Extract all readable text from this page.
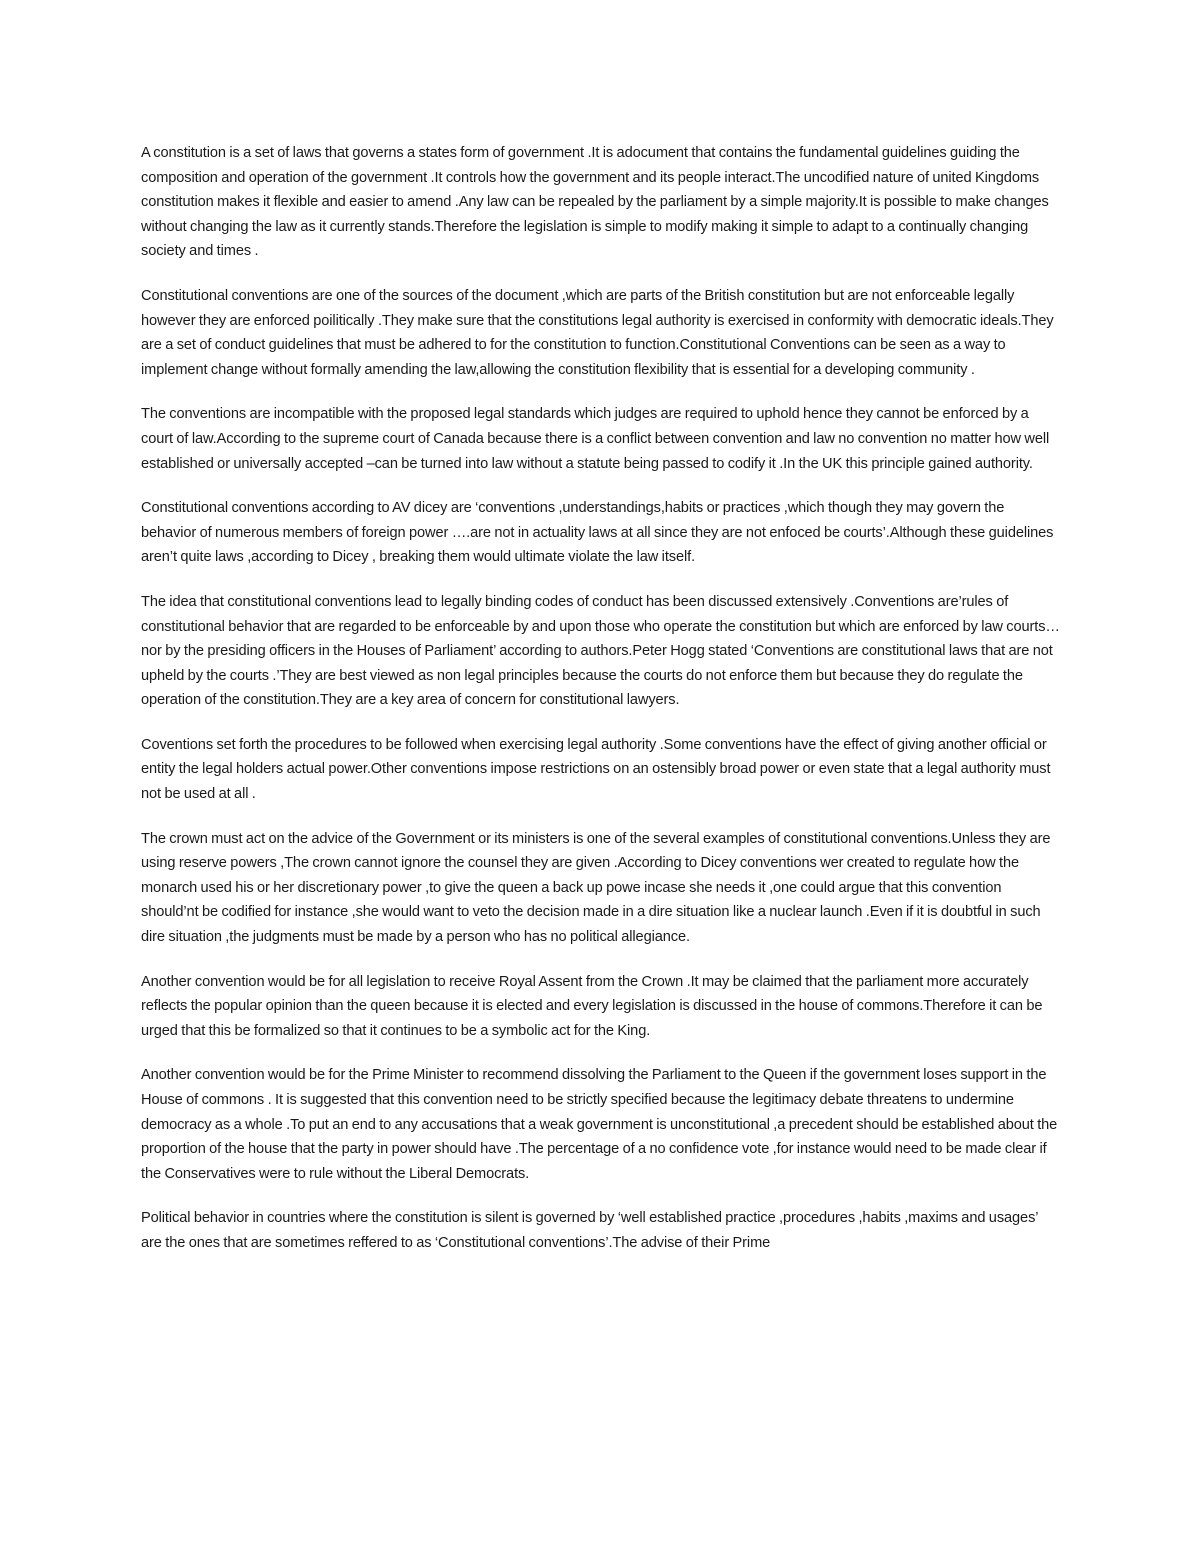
A constitution is a set of laws that governs a states form of government .It is adocument that contains the fundamental guidelines guiding the composition and operation of the government .It controls how the government and its people interact.The uncodified nature of united Kingdoms constitution makes it flexible and easier to amend .Any law can be repealed by the parliament by a simple majority.It is possible to make changes without changing the law as it currently stands.Therefore the legislation is simple to modify making it simple to adapt to a continually changing society and times .

Constitutional conventions are one of the sources of the document ,which are parts of the British constitution but are not enforceable legally however they are enforced poilitically .They make sure that the constitutions legal authority is exercised in conformity with democratic ideals.They are a set of conduct guidelines that must be adhered to for the constitution to function.Constitutional Conventions can be seen as a way to implement change without formally amending the law,allowing the constitution flexibility that is essential for a developing community .

The conventions are incompatible with the proposed legal standards which judges are required to uphold hence they cannot be enforced by a court of law.According to the supreme court of Canada because there is a conflict between convention and law no convention no matter how well established or universally accepted –can be turned into law without a statute being passed to codify it .In the UK this principle gained authority.

Constitutional conventions according to AV dicey are ‘conventions ,understandings,habits or practices ,which though they may govern the behavior of numerous members of foreign power ….are not in actuality laws at all since they are not enfoced be courts’.Although these guidelines aren’t quite laws ,according to Dicey , breaking them would ultimate violate the law itself.

The idea that constitutional conventions lead to legally binding codes of conduct has been discussed extensively .Conventions are’rules of constitutional behavior that are regarded to be enforceable by and upon those who operate the constitution but which are enforced by law courts…nor by the presiding officers in the Houses of Parliament’ according to authors.Peter Hogg stated ‘Conventions are constitutional laws that are not upheld by the courts .’They are best viewed as non legal principles because the courts do not enforce them but because they do regulate the operation of the constitution.They are a key area of concern for constitutional lawyers.

Coventions set forth the procedures to be followed when exercising legal authority .Some conventions have the effect of giving another official or entity the legal holders actual power.Other conventions impose restrictions on an ostensibly broad power or even state that a legal authority must not be used at all .

The crown must act on the advice of the Government or its ministers is one of the several examples of constitutional conventions.Unless they are using reserve powers ,The crown cannot ignore the counsel they are given .According to Dicey conventions wer created to regulate how the monarch used his or her discretionary power ,to give the queen a back up powe incase she needs it ,one could argue that this convention should’nt be codified for instance ,she would want to veto the decision made in a dire situation like a nuclear launch .Even if it is doubtful in such dire situation ,the judgments must be made by a person who has no political allegiance.

Another convention would be for all legislation to receive Royal Assent from the Crown .It may be claimed that the parliament more accurately reflects the popular opinion than the queen because it is elected and every legislation is discussed in the house of commons.Therefore it can be urged that this be formalized so that it continues to be a symbolic act for the King.

Another convention would be for the Prime Minister to recommend dissolving the Parliament to the Queen if the government loses support in the House of commons . It is suggested that this convention need to be strictly specified because the legitimacy debate threatens to undermine democracy as a whole .To put an end to any accusations that a weak government is unconstitutional ,a precedent should be established about the proportion of the house that the party in power should have .The percentage of a no confidence vote ,for instance would need to be made clear if the Conservatives were to rule without the Liberal Democrats.

Political behavior in countries where the constitution is silent is governed by ‘well established practice ,procedures ,habits ,maxims and usages’ are the ones that are sometimes reffered to as ‘Constitutional conventions’.The advise of their Prime
